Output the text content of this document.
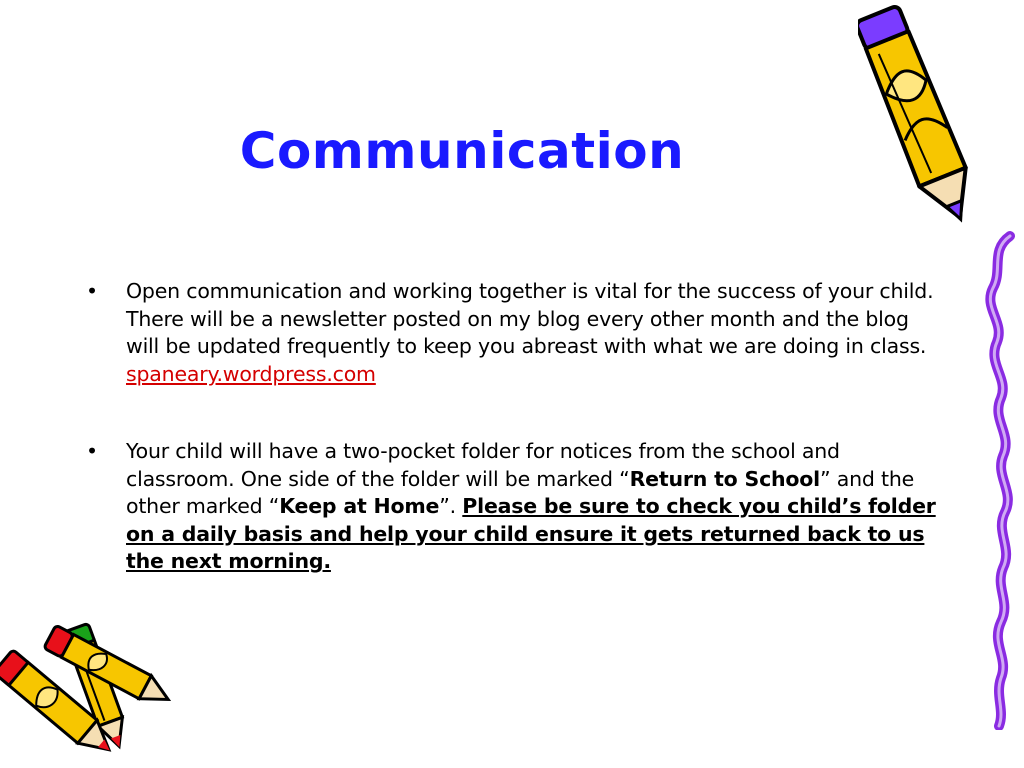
Communication
• Open communication and working together is vital for the success of your child. There will be a newsletter posted on my blog every other month and the blog will be updated frequently to keep you abreast with what we are doing in class. spaneary.wordpress.com
• Your child will have a two-pocket folder for notices from the school and classroom. One side of the folder will be marked “Return to School” and the other marked “Keep at Home”. Please be sure to check you child’s folder on a daily basis and help your child ensure it gets returned back to us the next morning.
